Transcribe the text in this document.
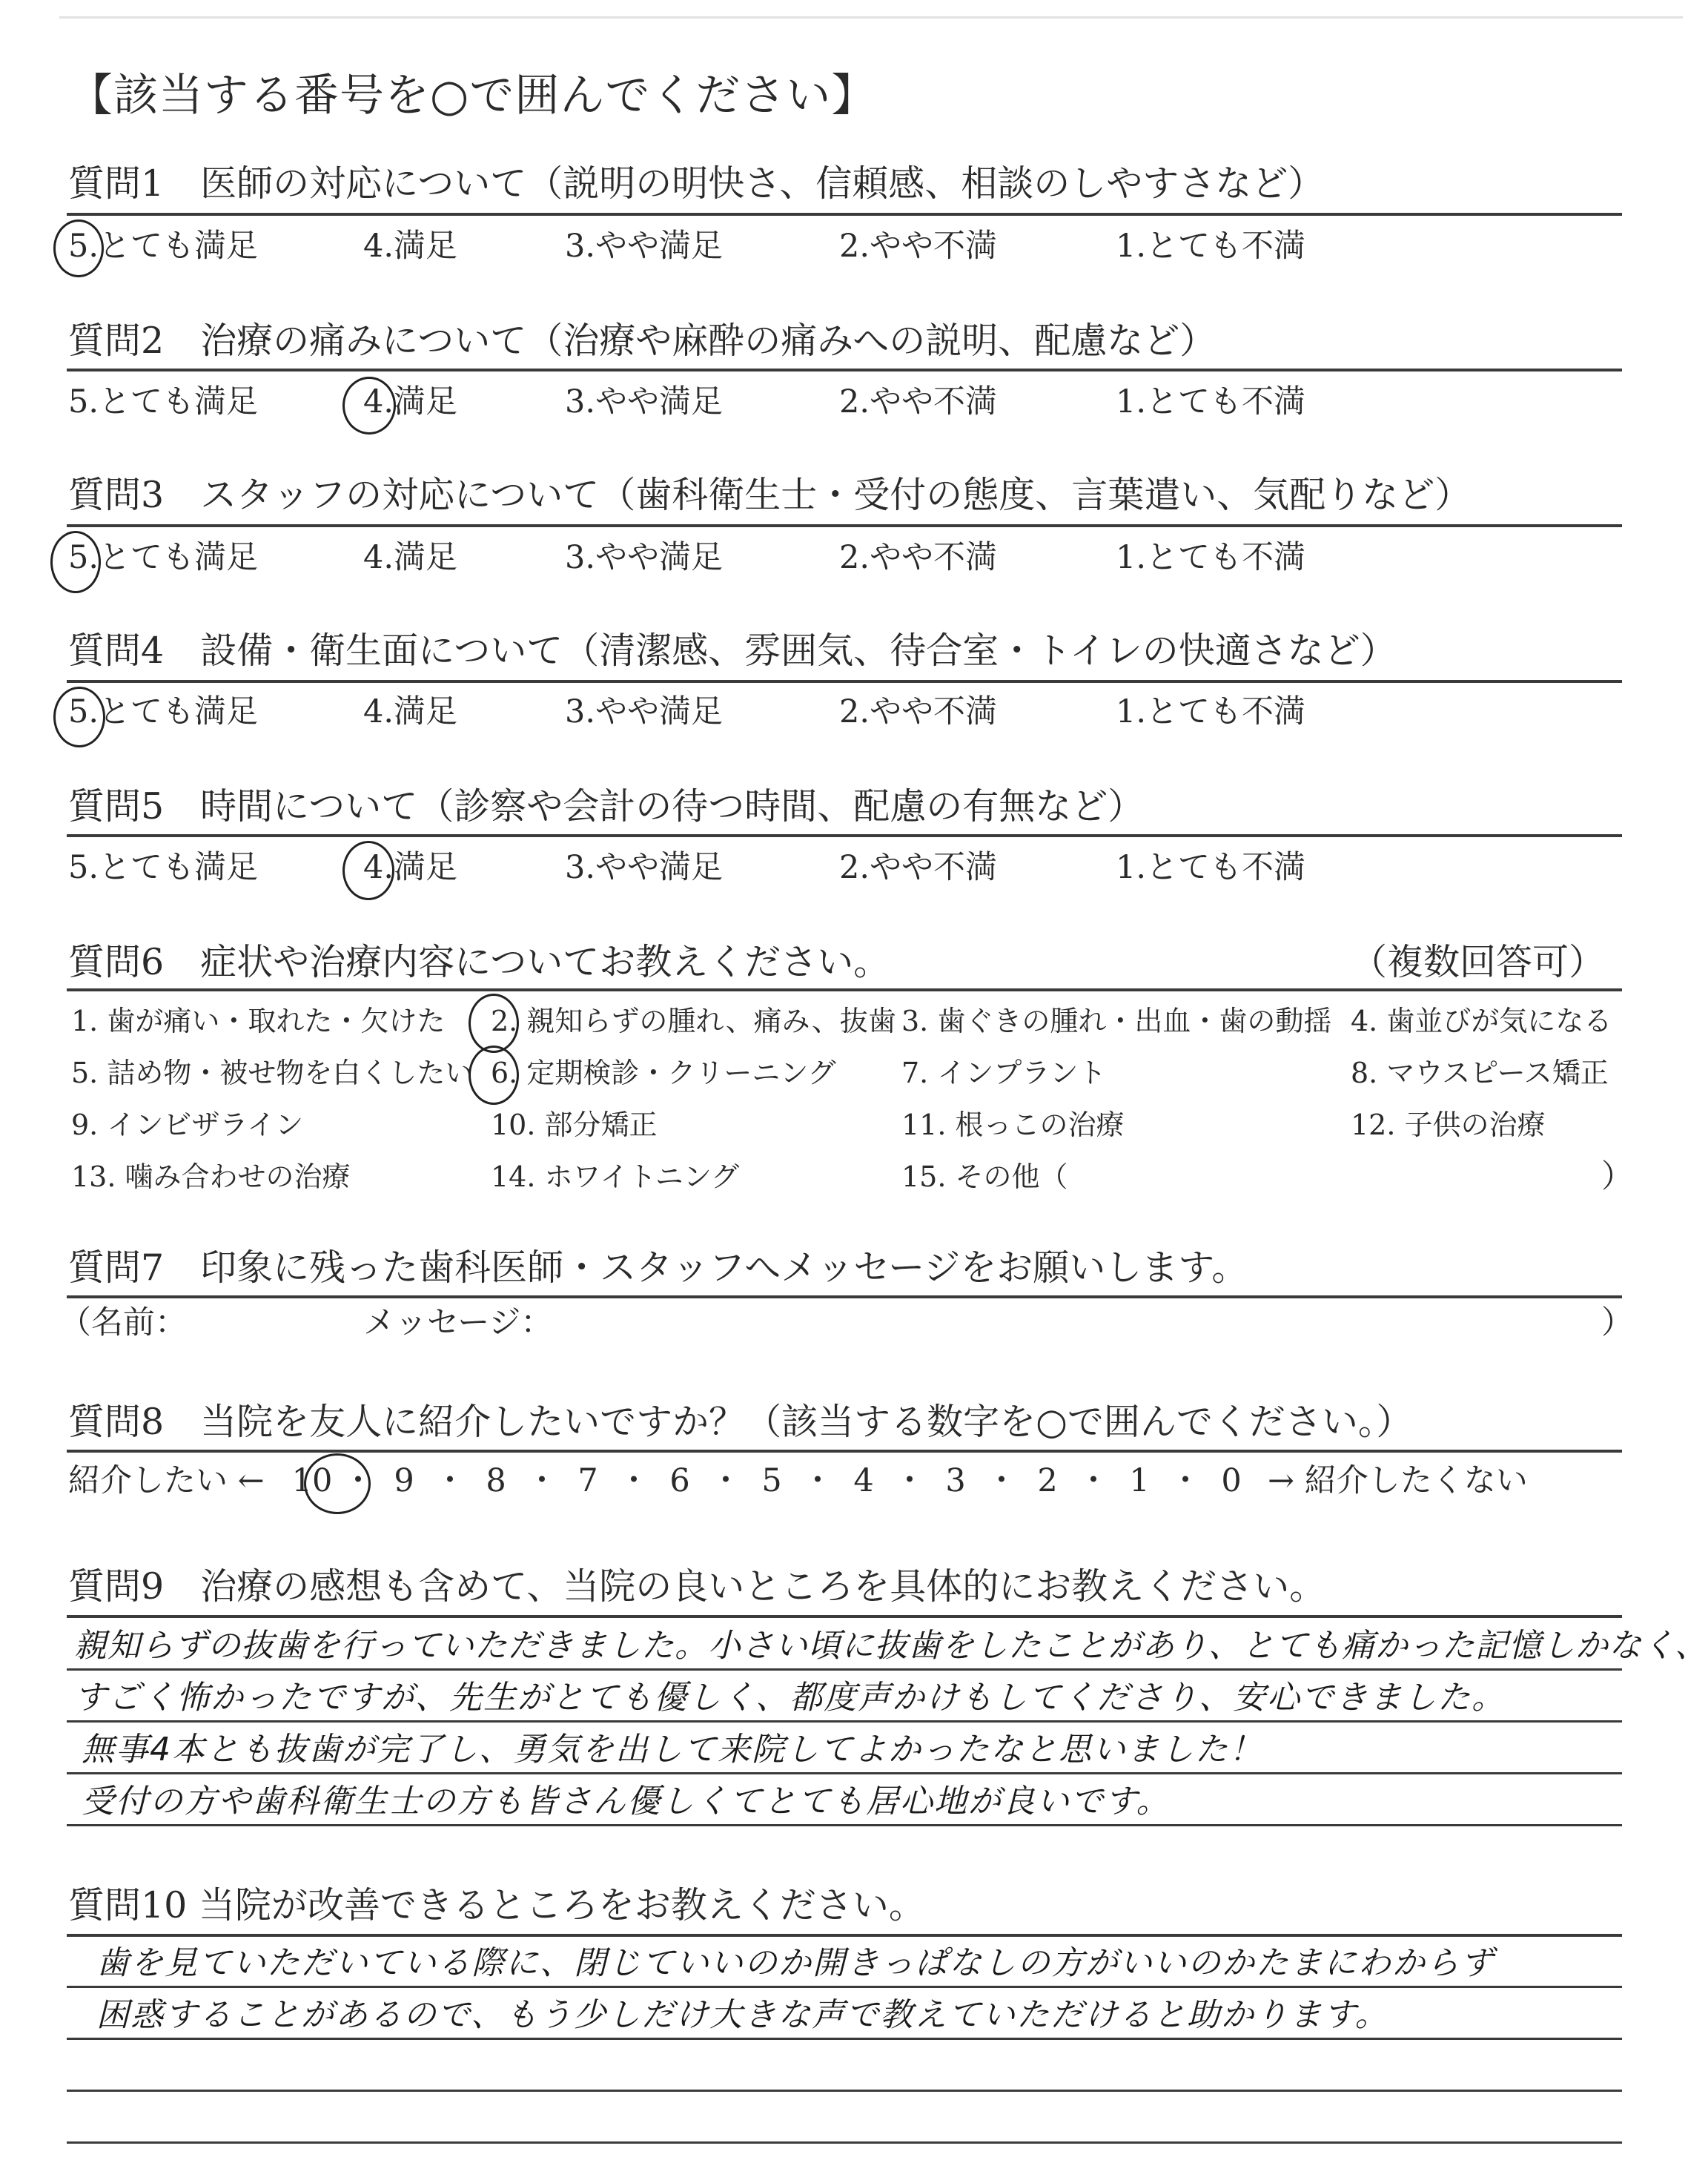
【該当する番号を○で囲んでください】
質問1　医師の対応について（説明の明快さ、信頼感、相談のしやすさなど）
5.とても満足	4.満足	3.やや満足	2.やや不満	1.とても不満
質問2　治療の痛みについて（治療や麻酔の痛みへの説明、配慮など）
5.とても満足	4.満足	3.やや満足	2.やや不満	1.とても不満
質問3　スタッフの対応について（歯科衛生士・受付の態度、言葉遣い、気配りなど）
5.とても満足	4.満足	3.やや満足	2.やや不満	1.とても不満
質問4　設備・衛生面について（清潔感、雰囲気、待合室・トイレの快適さなど）
5.とても満足	4.満足	3.やや満足	2.やや不満	1.とても不満
質問5　時間について（診察や会計の待つ時間、配慮の有無など）
5.とても満足	4.満足	3.やや満足	2.やや不満	1.とても不満
質問6　症状や治療内容についてお教えください。	（複数回答可）
1. 歯が痛い・取れた・欠けた 2. 親知らずの腫れ、痛み、抜歯 3. 歯ぐきの腫れ・出血・歯の動揺 4. 歯並びが気になる
5. 詰め物・被せ物を白くしたい 6. 定期検診・クリーニング 7. インプラント	8. マウスピース矯正
9. インビザライン	10. 部分矯正	11. 根っこの治療	12. 子供の治療
13. 噛み合わせの治療	14. ホワイトニング	15. その他（	）
質問7　印象に残った歯科医師・スタッフへメッセージをお願いします。
（名前：	メッセージ：	）
質問8　当院を友人に紹介したいですか？（該当する数字を○で囲んでください。）
紹介したい ← 10 ・ 9 ・ 8 ・ 7 ・ 6 ・ 5 ・ 4 ・ 3 ・ 2 ・ 1 ・ 0 → 紹介したくない
質問9　治療の感想も含めて、当院の良いところを具体的にお教えください。
親知らずの抜歯を行っていただきました。小さい頃に抜歯をしたことがあり、とても痛かった記憶しかなく、
すごく怖かったですが、先生がとても優しく、都度声かけもしてくださり、安心できました。
無事4本とも抜歯が完了し、勇気を出して来院してよかったなと思いました！
受付の方や歯科衛生士の方も皆さん優しくてとても居心地が良いです。
質問10 当院が改善できるところをお教えください。
歯を見ていただいている際に、閉じていいのか開きっぱなしの方がいいのかたまにわからず
困惑することがあるので、もう少しだけ大きな声で教えていただけると助かります。
